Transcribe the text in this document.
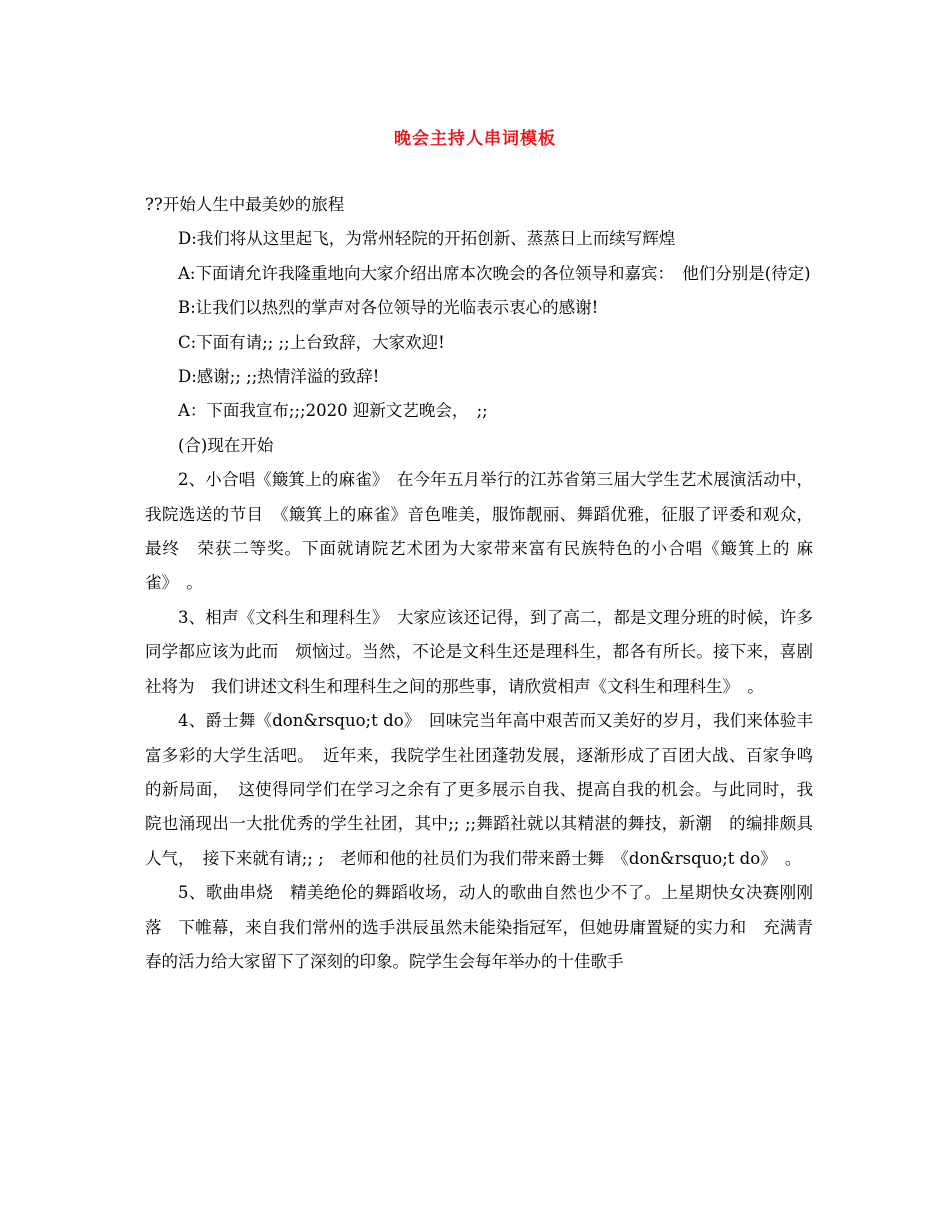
晚会主持人串词模板

??开始人生中最美妙的旅程

D:我们将从这里起飞，为常州轻院的开拓创新、蒸蒸日上而续写辉煌

A:下面请允许我隆重地向大家介绍出席本次晚会的各位领导和嘉宾：　他们分别是(待定)

B:让我们以热烈的掌声对各位领导的光临表示衷心的感谢!

C:下面有请;; ;;上台致辞，大家欢迎!

D:感谢;; ;;热情洋溢的致辞!

A：下面我宣布;;;2020 迎新文艺晚会，　;;

(合)现在开始

2、小合唱《簸箕上的麻雀》　在今年五月举行的江苏省第三届大学生艺术展演活动中，我院选送的节目　《簸箕上的麻雀》音色唯美，服饰靓丽、舞蹈优雅，征服了评委和观众，最终　荣获二等奖。下面就请院艺术团为大家带来富有民族特色的小合唱《簸箕上的 麻雀》　。

3、相声《文科生和理科生》　大家应该还记得，到了高二，都是文理分班的时候，许多同学都应该为此而　烦恼过。当然，不论是文科生还是理科生，都各有所长。接下来，喜剧社将为　我们讲述文科生和理科生之间的那些事，请欣赏相声《文科生和理科生》　。

4、爵士舞《don&rsquo;t do》　回味完当年高中艰苦而又美好的岁月，我们来体验丰富多彩的大学生活吧。　近年来，我院学生社团蓬勃发展，逐渐形成了百团大战、百家争鸣的新局面，　这使得同学们在学习之余有了更多展示自我、提高自我的机会。与此同时，我　院也涌现出一大批优秀的学生社团，其中;; ;;舞蹈社就以其精湛的舞技，新潮　的编排颇具人气，　接下来就有请;; ;　老师和他的社员们为我们带来爵士舞　《don&rsquo;t do》　。

5、歌曲串烧　精美绝伦的舞蹈收场，动人的歌曲自然也少不了。上星期快女决赛刚刚落　下帷幕，来自我们常州的选手洪辰虽然未能染指冠军，但她毋庸置疑的实力和　充满青春的活力给大家留下了深刻的印象。院学生会每年举办的十佳歌手
